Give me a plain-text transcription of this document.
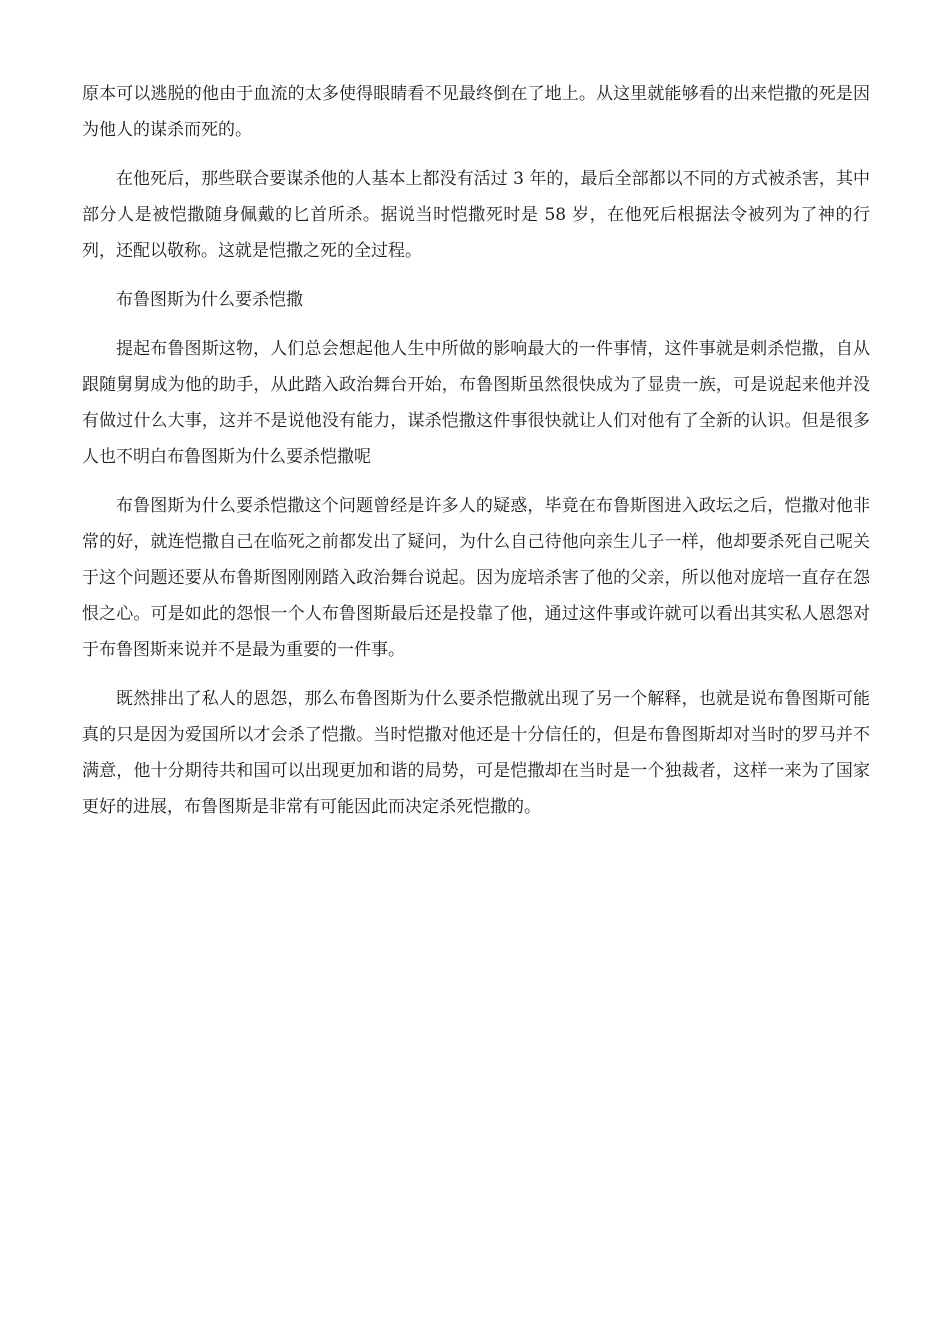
原本可以逃脱的他由于血流的太多使得眼睛看不见最终倒在了地上。从这里就能够看的出来恺撒的死是因为他人的谋杀而死的。

在他死后，那些联合要谋杀他的人基本上都没有活过 3 年的，最后全部都以不同的方式被杀害，其中部分人是被恺撒随身佩戴的匕首所杀。据说当时恺撒死时是 58 岁，在他死后根据法令被列为了神的行列，还配以敬称。这就是恺撒之死的全过程。

布鲁图斯为什么要杀恺撒

提起布鲁图斯这物，人们总会想起他人生中所做的影响最大的一件事情，这件事就是刺杀恺撒，自从跟随舅舅成为他的助手，从此踏入政治舞台开始，布鲁图斯虽然很快成为了显贵一族，可是说起来他并没有做过什么大事，这并不是说他没有能力，谋杀恺撒这件事很快就让人们对他有了全新的认识。但是很多人也不明白布鲁图斯为什么要杀恺撒呢

布鲁图斯为什么要杀恺撒这个问题曾经是许多人的疑惑，毕竟在布鲁斯图进入政坛之后，恺撒对他非常的好，就连恺撒自己在临死之前都发出了疑问，为什么自己待他向亲生儿子一样，他却要杀死自己呢关于这个问题还要从布鲁斯图刚刚踏入政治舞台说起。因为庞培杀害了他的父亲，所以他对庞培一直存在怨恨之心。可是如此的怨恨一个人布鲁图斯最后还是投靠了他，通过这件事或许就可以看出其实私人恩怨对于布鲁图斯来说并不是最为重要的一件事。

既然排出了私人的恩怨，那么布鲁图斯为什么要杀恺撒就出现了另一个解释，也就是说布鲁图斯可能真的只是因为爱国所以才会杀了恺撒。当时恺撒对他还是十分信任的，但是布鲁图斯却对当时的罗马并不满意，他十分期待共和国可以出现更加和谐的局势，可是恺撒却在当时是一个独裁者，这样一来为了国家更好的进展，布鲁图斯是非常有可能因此而决定杀死恺撒的。
